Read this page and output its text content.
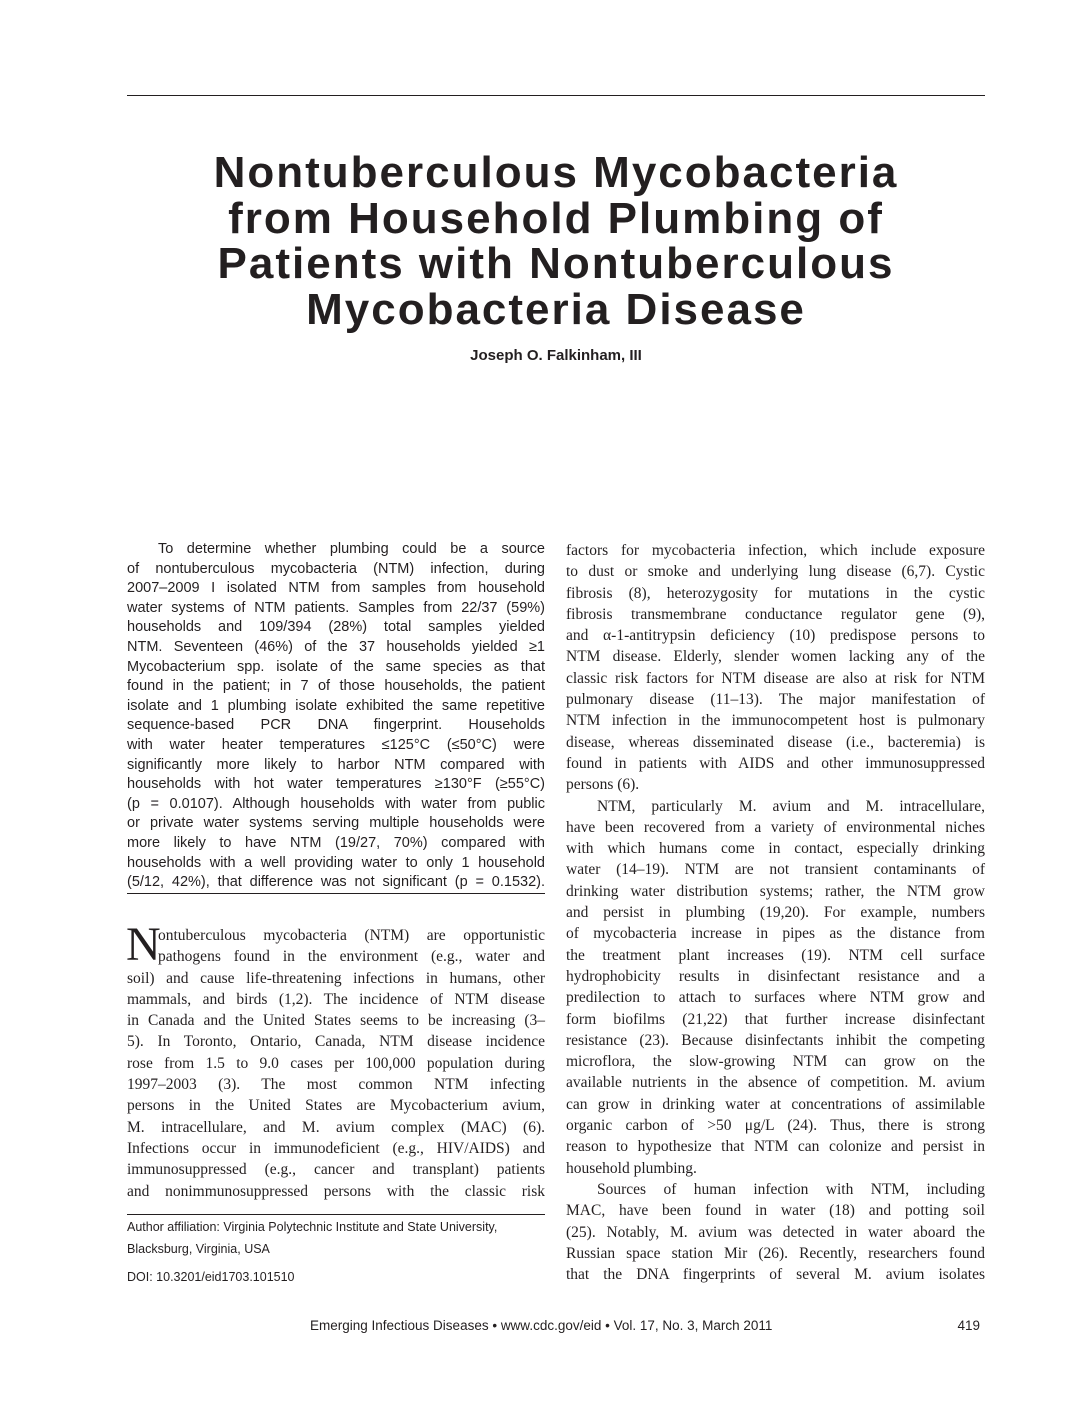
Nontuberculous Mycobacteria
from Household Plumbing of
Patients with Nontuberculous
Mycobacteria Disease

Joseph O. Falkinham, III

To determine whether plumbing could be a source
of nontuberculous mycobacteria (NTM) infection, during
2007–2009 I isolated NTM from samples from household
water systems of NTM patients. Samples from 22/37 (59%)
households and 109/394 (28%) total samples yielded
NTM. Seventeen (46%) of the 37 households yielded ≥1
Mycobacterium spp. isolate of the same species as that
found in the patient; in 7 of those households, the patient
isolate and 1 plumbing isolate exhibited the same repetitive
sequence-based PCR DNA fingerprint. Households
with water heater temperatures ≤125°C (≤50°C) were
significantly more likely to harbor NTM compared with
households with hot water temperatures ≥130°F (≥55°C)
(p = 0.0107). Although households with water from public
or private water systems serving multiple households were
more likely to have NTM (19/27, 70%) compared with
households with a well providing water to only 1 household
(5/12, 42%), that difference was not significant (p = 0.1532).
N
ontuberculous mycobacteria (NTM) are opportunistic
pathogens found in the environment (e.g., water and
soil) and cause life-threatening infections in humans, other
mammals, and birds (1,2). The incidence of NTM disease
in Canada and the United States seems to be increasing (3–
5). In Toronto, Ontario, Canada, NTM disease incidence
rose from 1.5 to 9.0 cases per 100,000 population during
1997–2003 (3). The most common NTM infecting
persons in the United States are Mycobacterium avium,
M. intracellulare, and M. avium complex (MAC) (6).
Infections occur in immunodeficient (e.g., HIV/AIDS) and
immunosuppressed (e.g., cancer and transplant) patients
and nonimmunosuppressed persons with the classic risk
Author affiliation: Virginia Polytechnic Institute and State University,
Blacksburg, Virginia, USA
DOI: 10.3201/eid1703.101510
factors for mycobacteria infection, which include exposure
to dust or smoke and underlying lung disease (6,7). Cystic
fibrosis (8), heterozygosity for mutations in the cystic
fibrosis transmembrane conductance regulator gene (9),
and α-1-antitrypsin deficiency (10) predispose persons to
NTM disease. Elderly, slender women lacking any of the
classic risk factors for NTM disease are also at risk for NTM
pulmonary disease (11–13). The major manifestation of
NTM infection in the immunocompetent host is pulmonary
disease, whereas disseminated disease (i.e., bacteremia) is
found in patients with AIDS and other immunosuppressed
persons (6).
NTM, particularly M. avium and M. intracellulare,
have been recovered from a variety of environmental niches
with which humans come in contact, especially drinking
water (14–19). NTM are not transient contaminants of
drinking water distribution systems; rather, the NTM grow
and persist in plumbing (19,20). For example, numbers
of mycobacteria increase in pipes as the distance from
the treatment plant increases (19). NTM cell surface
hydrophobicity results in disinfectant resistance and a
predilection to attach to surfaces where NTM grow and
form biofilms (21,22) that further increase disinfectant
resistance (23). Because disinfectants inhibit the competing
microflora, the slow-growing NTM can grow on the
available nutrients in the absence of competition. M. avium
can grow in drinking water at concentrations of assimilable
organic carbon of >50 μg/L (24). Thus, there is strong
reason to hypothesize that NTM can colonize and persist in
household plumbing.
Sources of human infection with NTM, including
MAC, have been found in water (18) and potting soil
(25). Notably, M. avium was detected in water aboard the
Russian space station Mir (26). Recently, researchers found
that the DNA fingerprints of several M. avium isolates
Emerging Infectious Diseases • www.cdc.gov/eid • Vol. 17, No. 3, March 2011	419
